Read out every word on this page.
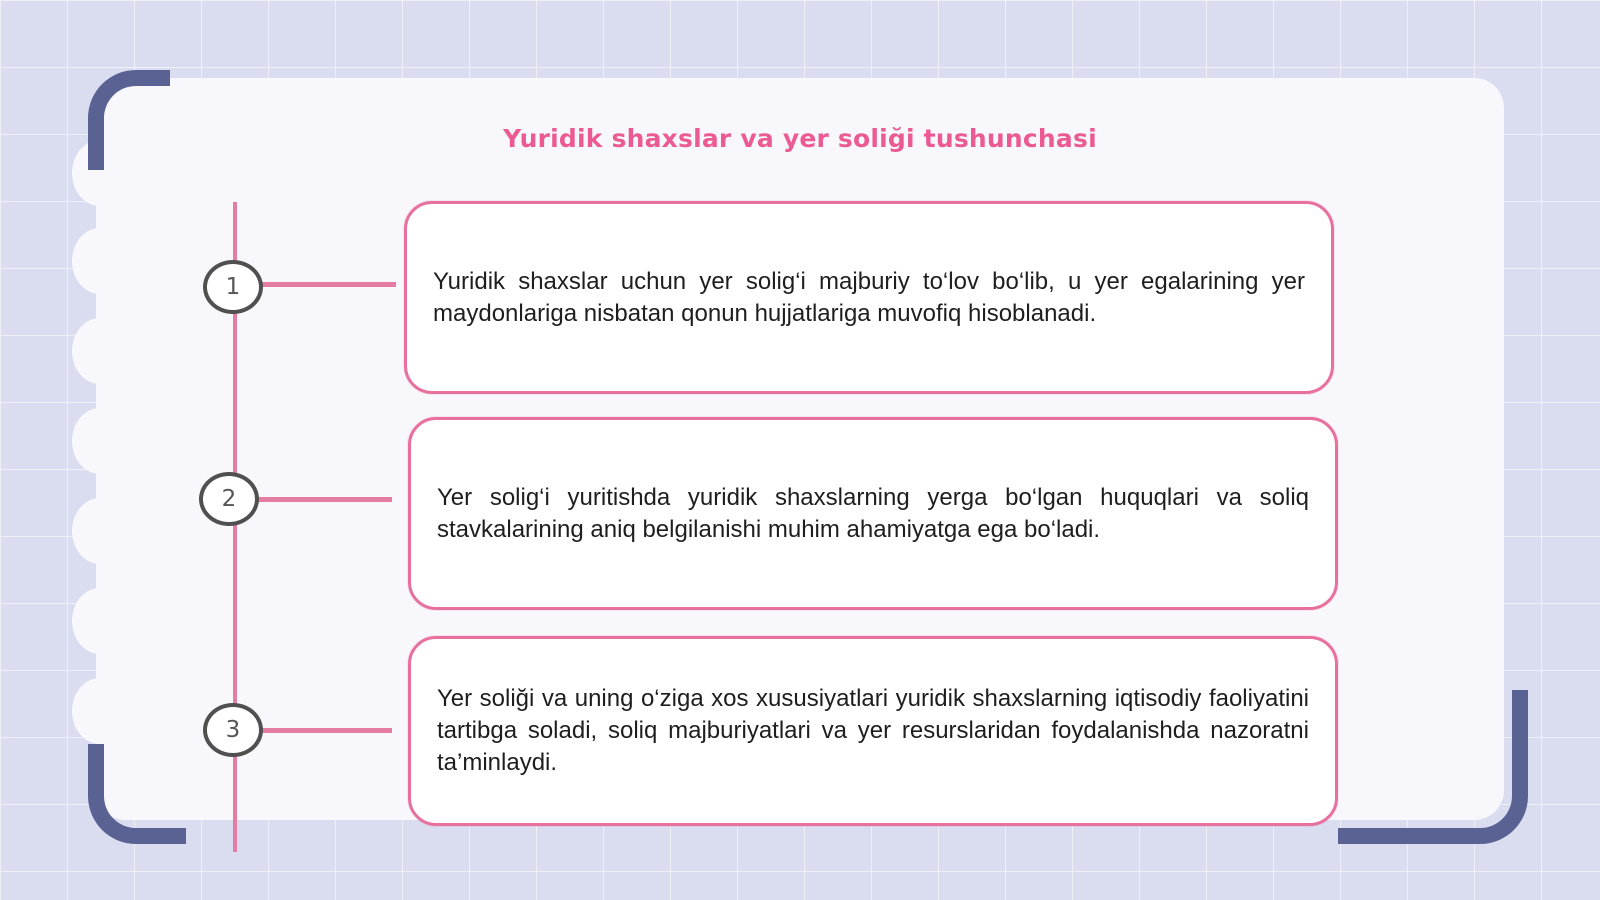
Yuridik shaxslar va yer soliği tushunchasi
1	Yuridik shaxslar uchun yer solig‘i majburiy to‘lov bo‘lib, u yer egalarining yer maydonlariga nisbatan qonun hujjatlariga muvofiq hisoblanadi.

2	Yer solig‘i yuritishda yuridik shaxslarning yerga bo‘lgan huquqlari va soliq stavkalarining aniq belgilanishi muhim ahamiyatga ega bo‘ladi.

3

Yer soliği va uning o‘ziga xos xususiyatlari yuridik shaxslarning iqtisodiy faoliyatini tartibga soladi, soliq majburiyatlari va yer resurslaridan foydalanishda nazoratni ta’minlaydi.
